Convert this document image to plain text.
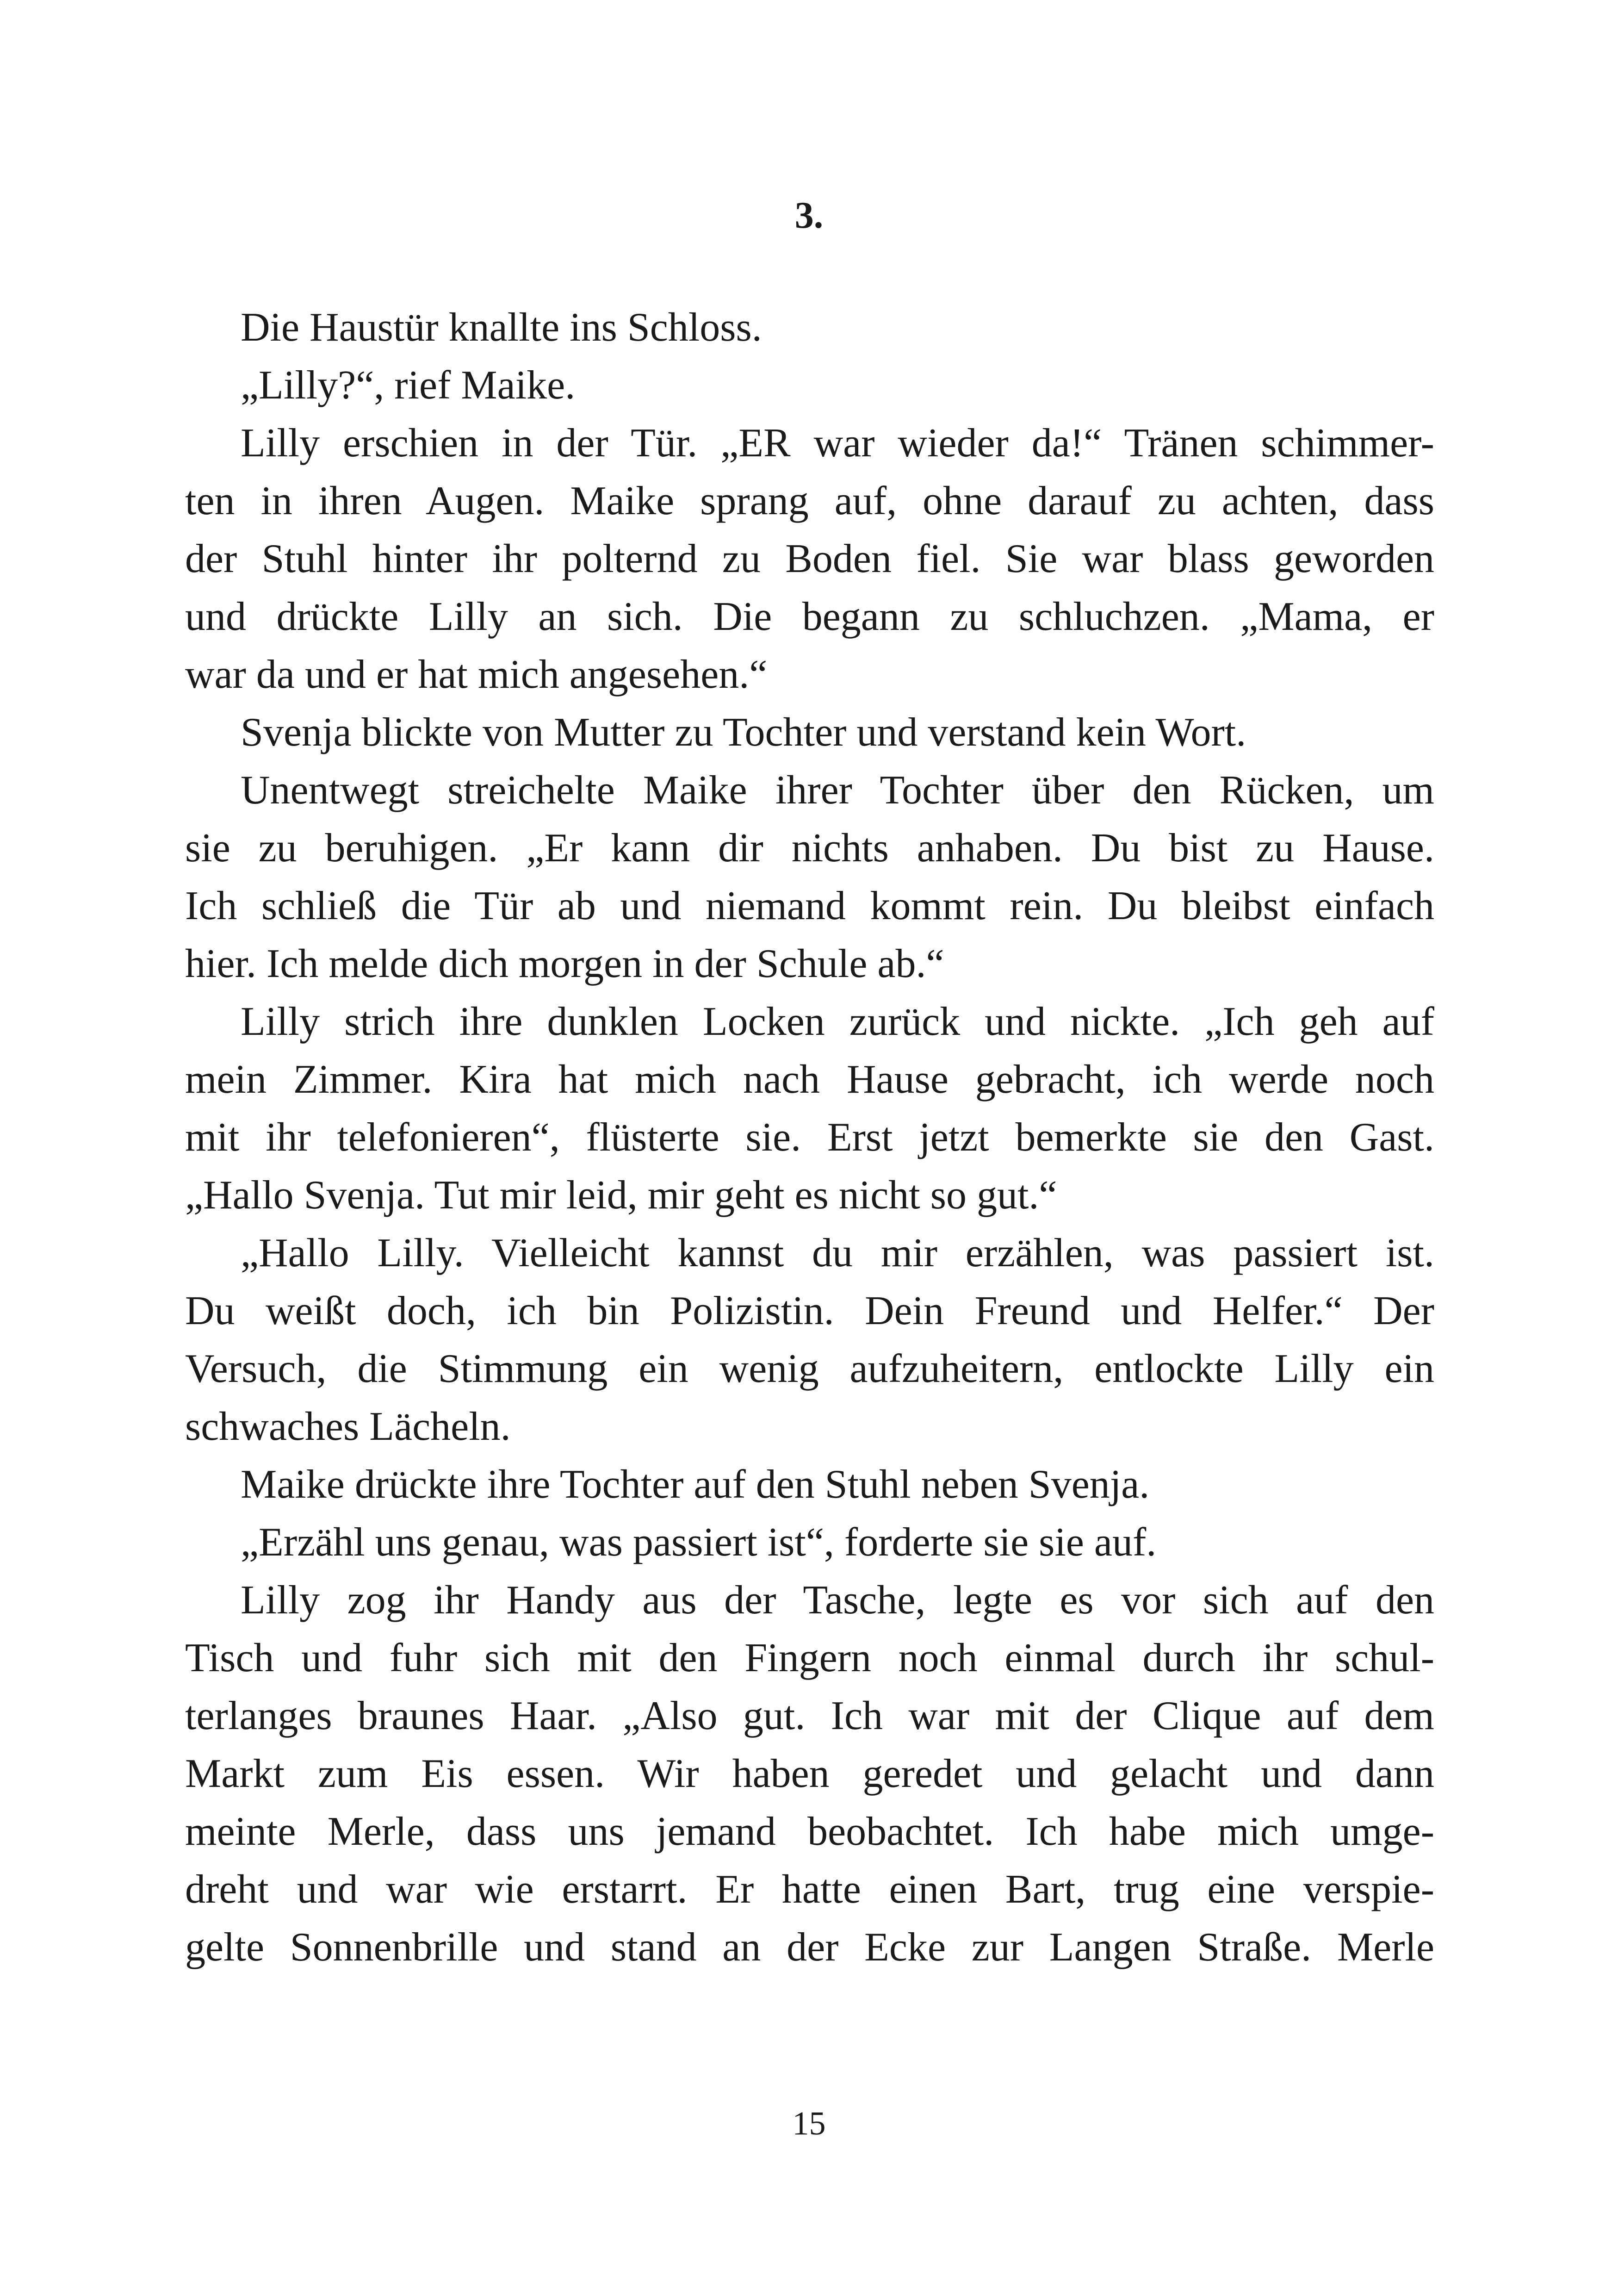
3.
Die Haustür knallte ins Schloss.
„Lilly?“, rief Maike.
Lilly erschien in der Tür. „ER war wieder da!“ Tränen schimmer-
ten in ihren Augen. Maike sprang auf, ohne darauf zu achten, dass
der Stuhl hinter ihr polternd zu Boden fiel. Sie war blass geworden
und drückte Lilly an sich. Die begann zu schluchzen. „Mama, er
war da und er hat mich angesehen.“
Svenja blickte von Mutter zu Tochter und verstand kein Wort.
Unentwegt streichelte Maike ihrer Tochter über den Rücken, um
sie zu beruhigen. „Er kann dir nichts anhaben. Du bist zu Hause.
Ich schließ die Tür ab und niemand kommt rein. Du bleibst einfach
hier. Ich melde dich morgen in der Schule ab.“
Lilly strich ihre dunklen Locken zurück und nickte. „Ich geh auf
mein Zimmer. Kira hat mich nach Hause gebracht, ich werde noch
mit ihr telefonieren“, flüsterte sie. Erst jetzt bemerkte sie den Gast.
„Hallo Svenja. Tut mir leid, mir geht es nicht so gut.“
„Hallo Lilly. Vielleicht kannst du mir erzählen, was passiert ist.
Du weißt doch, ich bin Polizistin. Dein Freund und Helfer.“ Der
Versuch, die Stimmung ein wenig aufzuheitern, entlockte Lilly ein
schwaches Lächeln.
Maike drückte ihre Tochter auf den Stuhl neben Svenja.
„Erzähl uns genau, was passiert ist“, forderte sie sie auf.
Lilly zog ihr Handy aus der Tasche, legte es vor sich auf den
Tisch und fuhr sich mit den Fingern noch einmal durch ihr schul-
terlanges braunes Haar. „Also gut. Ich war mit der Clique auf dem
Markt zum Eis essen. Wir haben geredet und gelacht und dann
meinte Merle, dass uns jemand beobachtet. Ich habe mich umge-
dreht und war wie erstarrt. Er hatte einen Bart, trug eine verspie-
gelte Sonnenbrille und stand an der Ecke zur Langen Straße. Merle
15
